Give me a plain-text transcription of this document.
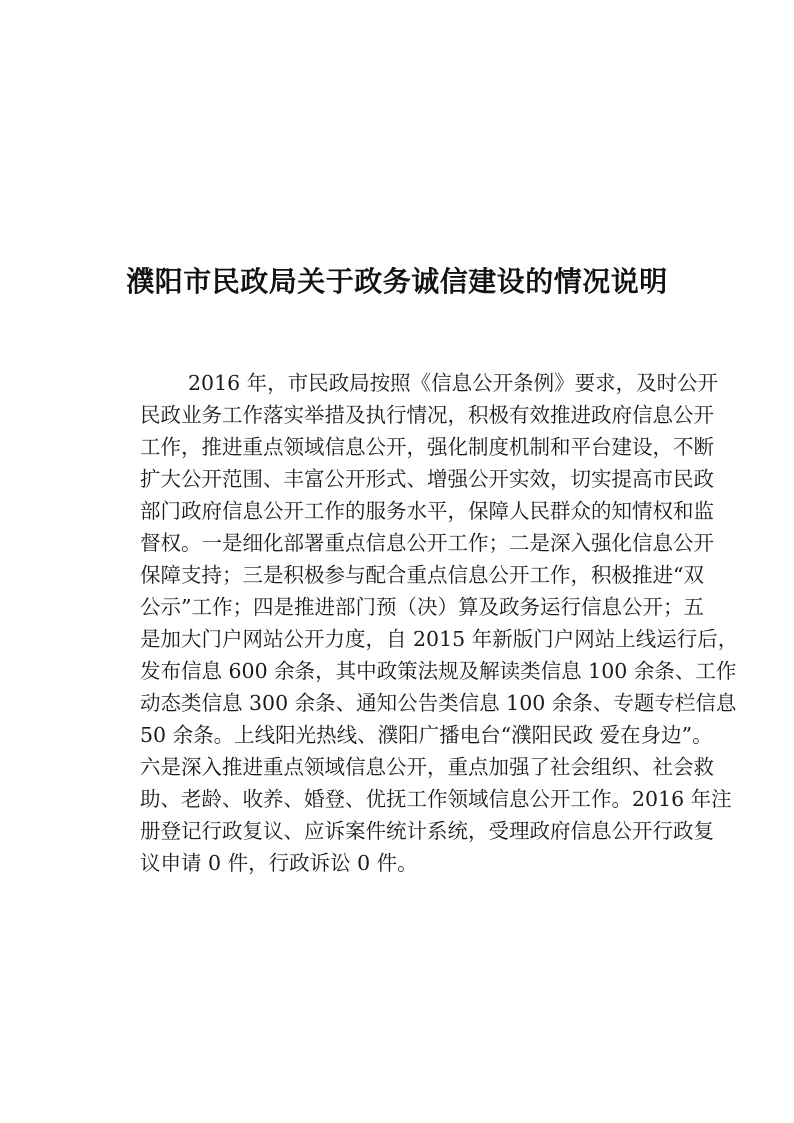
濮阳市民政局关于政务诚信建设的情况说明
2016 年，市民政局按照《信息公开条例》要求，及时公开
民政业务工作落实举措及执行情况，积极有效推进政府信息公开
工作，推进重点领域信息公开，强化制度机制和平台建设，不断
扩大公开范围、丰富公开形式、增强公开实效，切实提高市民政
部门政府信息公开工作的服务水平，保障人民群众的知情权和监
督权。一是细化部署重点信息公开工作；二是深入强化信息公开
保障支持；三是积极参与配合重点信息公开工作，积极推进“双
公示”工作；四是推进部门预（决）算及政务运行信息公开；五
是加大门户网站公开力度，自 2015 年新版门户网站上线运行后，
发布信息 600 余条，其中政策法规及解读类信息 100 余条、工作
动态类信息 300 余条、通知公告类信息 100 余条、专题专栏信息
50 余条。上线阳光热线、濮阳广播电台“濮阳民政 爱在身边”。
六是深入推进重点领域信息公开，重点加强了社会组织、社会救
助、老龄、收养、婚登、优抚工作领域信息公开工作。2016 年注
册登记行政复议、应诉案件统计系统，受理政府信息公开行政复
议申请 0 件，行政诉讼 0 件。
